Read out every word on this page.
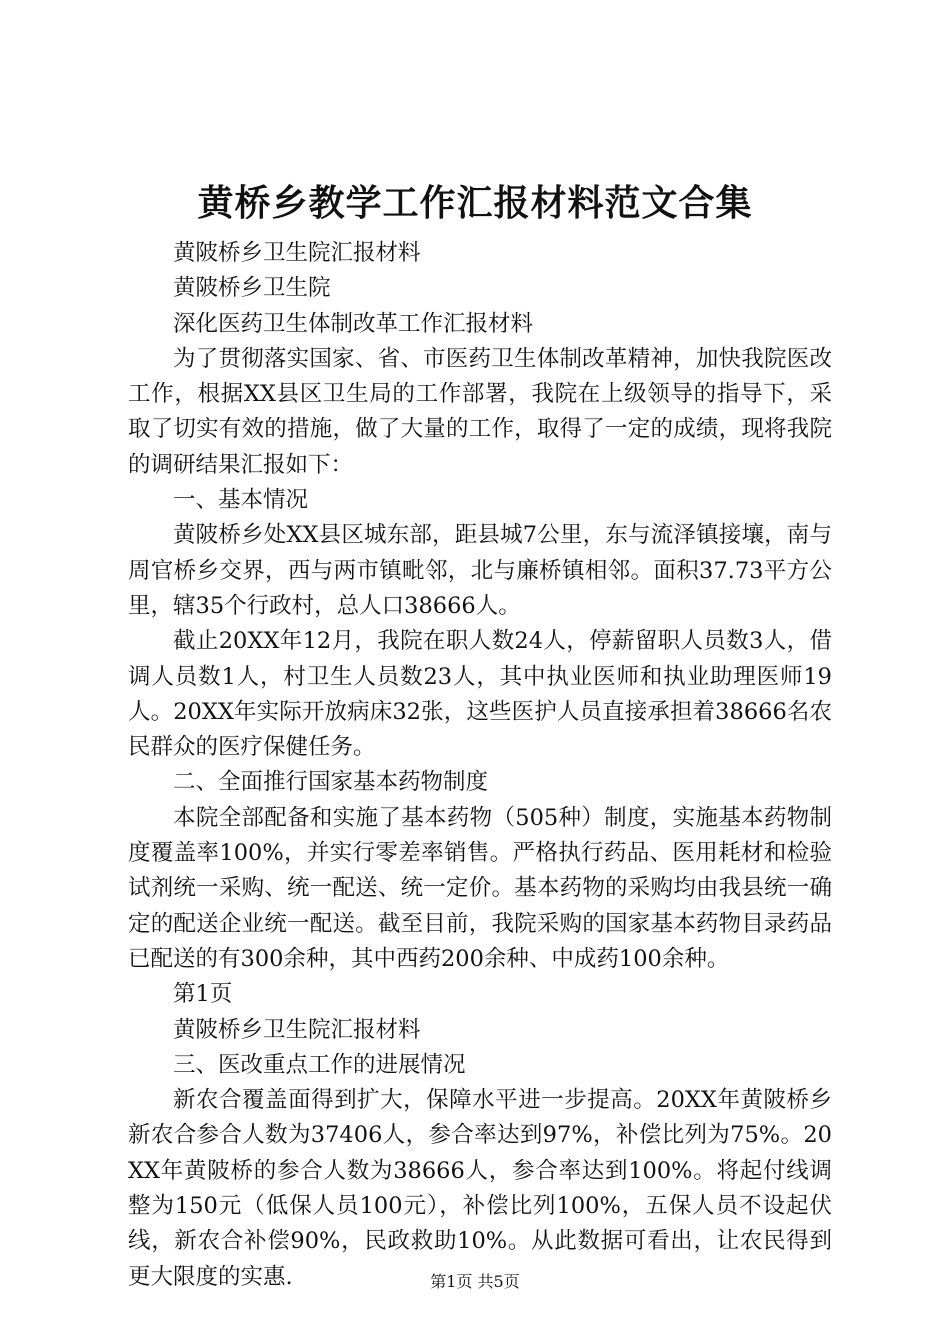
黄桥乡教学工作汇报材料范文合集

黄陂桥乡卫生院汇报材料

黄陂桥乡卫生院

深化医药卫生体制改革工作汇报材料

为了贯彻落实国家、省、市医药卫生体制改革精神，加快我院医改工作，根据XX县区卫生局的工作部署，我院在上级领导的指导下，采取了切实有效的措施，做了大量的工作，取得了一定的成绩，现将我院的调研结果汇报如下：

一、基本情况

黄陂桥乡处XX县区城东部，距县城7公里，东与流泽镇接壤，南与周官桥乡交界，西与两市镇毗邻，北与廉桥镇相邻。面积37.73平方公里，辖35个行政村，总人口38666人。

截止20XX年12月，我院在职人数24人，停薪留职人员数3人，借调人员数1人，村卫生人员数23人，其中执业医师和执业助理医师19人。20XX年实际开放病床32张，这些医护人员直接承担着38666名农民群众的医疗保健任务。

二、全面推行国家基本药物制度

本院全部配备和实施了基本药物（505种）制度，实施基本药物制度覆盖率100%，并实行零差率销售。严格执行药品、医用耗材和检验试剂统一采购、统一配送、统一定价。基本药物的采购均由我县统一确定的配送企业统一配送。截至目前，我院采购的国家基本药物目录药品已配送的有300余种，其中西药200余种、中成药100余种。

第1页

黄陂桥乡卫生院汇报材料

三、医改重点工作的进展情况

新农合覆盖面得到扩大，保障水平进一步提高。20XX年黄陂桥乡新农合参合人数为37406人，参合率达到97%，补偿比列为75%。20XX年黄陂桥的参合人数为38666人，参合率达到100%。将起付线调整为150元（低保人员100元），补偿比列100%，五保人员不设起伏线，新农合补偿90%，民政救助10%。从此数据可看出，让农民得到更大限度的实惠.	第1页 共5页
